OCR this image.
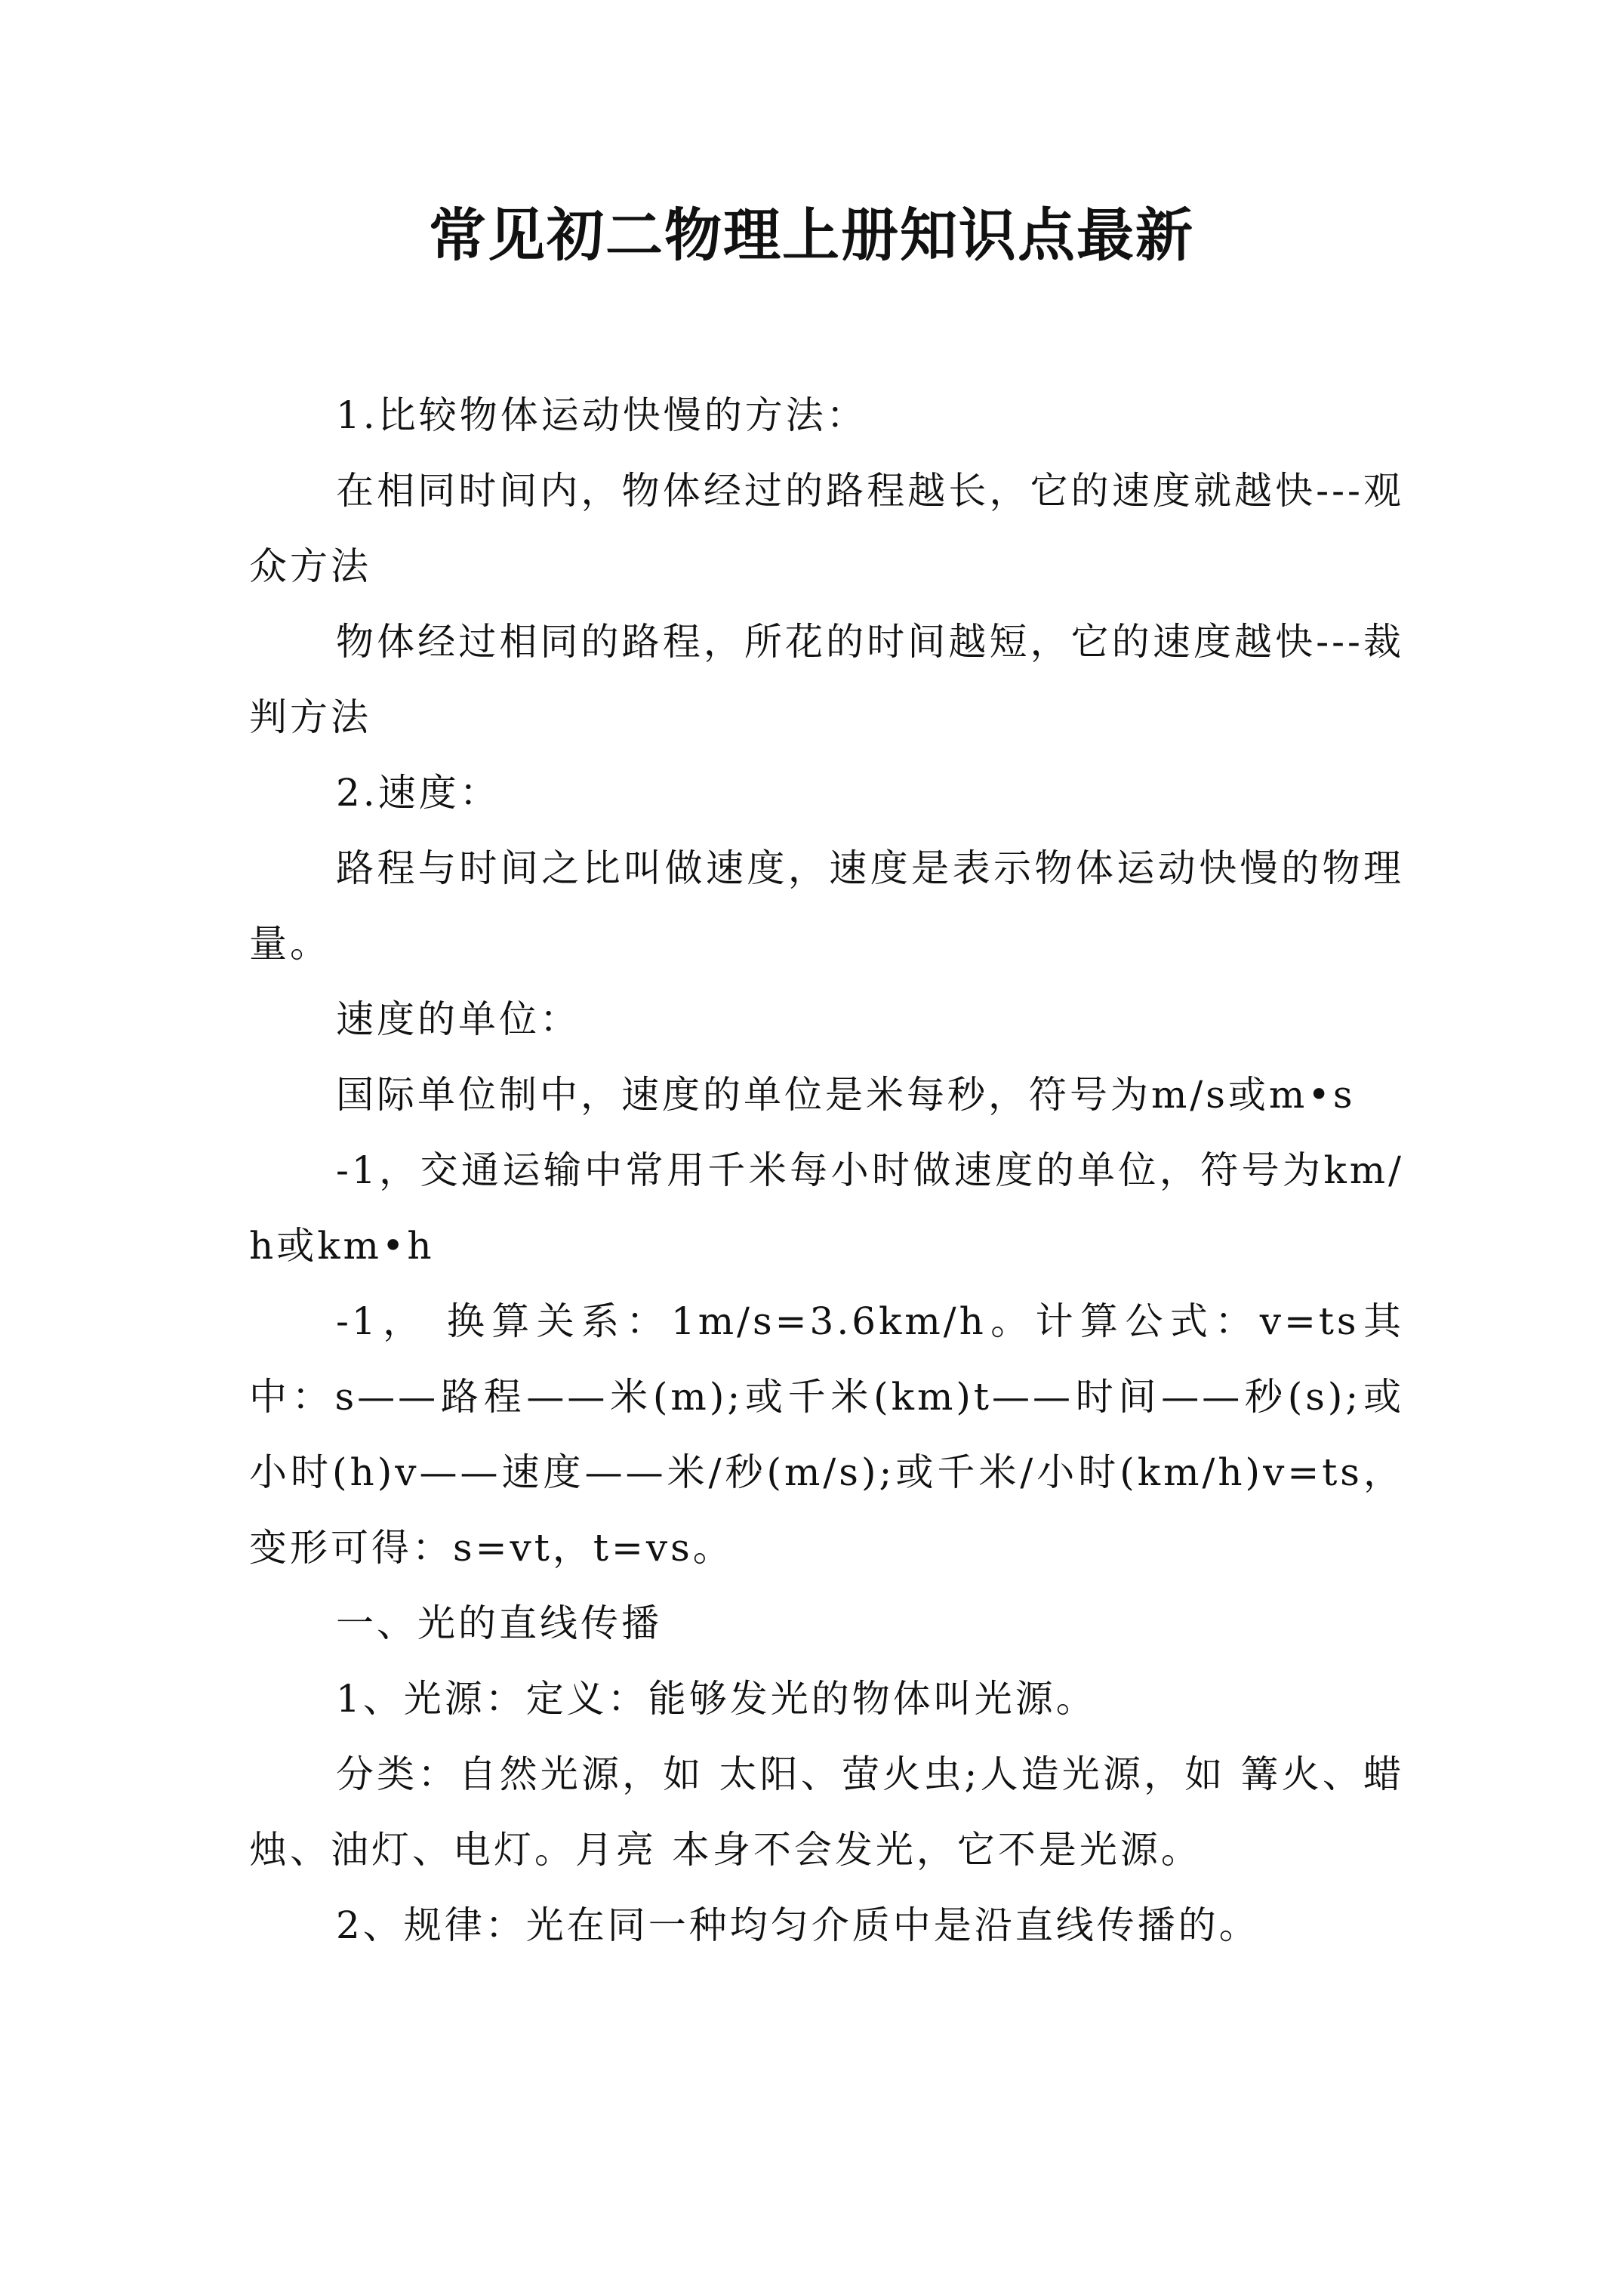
常见初二物理上册知识点最新

1.比较物体运动快慢的方法：

在相同时间内，物体经过的路程越长，它的速度就越快---观众方法

物体经过相同的路程，所花的时间越短，它的速度越快---裁判方法

2.速度：

路程与时间之比叫做速度，速度是表示物体运动快慢的物理量。

速度的单位：

国际单位制中，速度的单位是米每秒，符号为m/s或m•s

-1，交通运输中常用千米每小时做速度的单位，符号为km/h或km•h

-1， 换算关系：1m/s=3.6km/h。计算公式：v=ts其中：s——路程——米(m);或千米(km)t——时间——秒(s);或小时(h)v——速度——米/秒(m/s);或千米/小时(km/h)v=ts，变形可得：s=vt，t=vs。

一、光的直线传播

1、光源：定义：能够发光的物体叫光源。

分类：自然光源，如 太阳、萤火虫;人造光源，如 篝火、蜡烛、油灯、电灯。月亮 本身不会发光，它不是光源。

2、规律：光在同一种均匀介质中是沿直线传播的。
